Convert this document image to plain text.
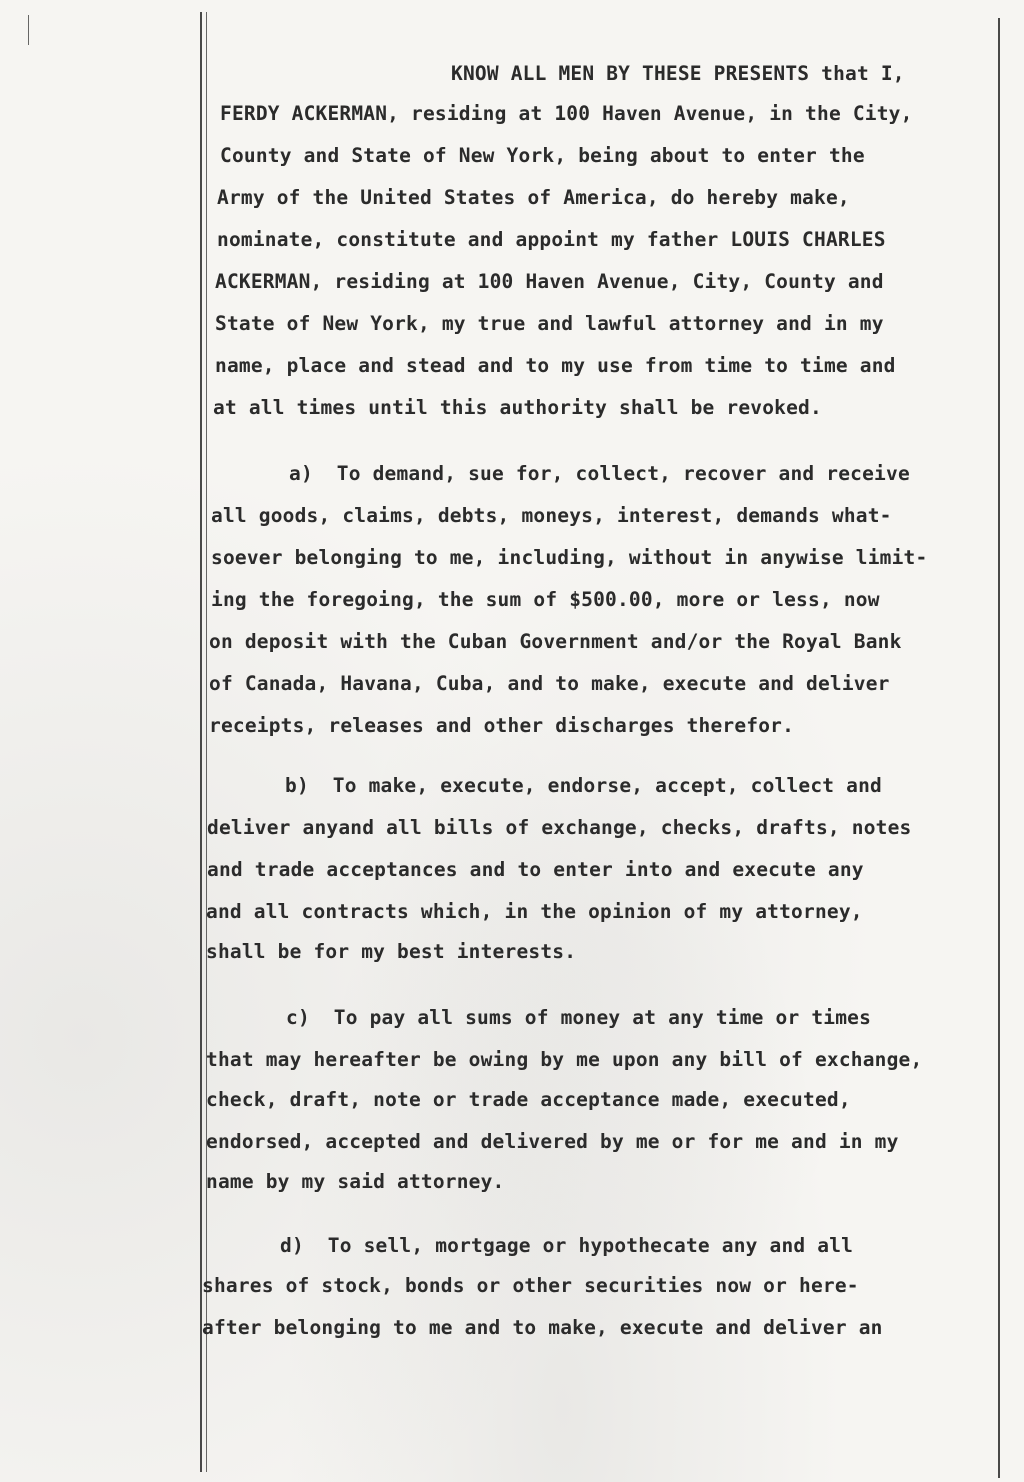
KNOW ALL MEN BY THESE PRESENTS that I,
FERDY ACKERMAN, residing at 100 Haven Avenue, in the City,
County and State of New York, being about to enter the
Army of the United States of America, do hereby make,
nominate, constitute and appoint my father LOUIS CHARLES
ACKERMAN, residing at 100 Haven Avenue, City, County and
State of New York, my true and lawful attorney and in my
name, place and stead and to my use from time to time and
at all times until this authority shall be revoked.
a)  To demand, sue for, collect, recover and receive
all goods, claims, debts, moneys, interest, demands what-
soever belonging to me, including, without in anywise limit-
ing the foregoing, the sum of $500.00, more or less, now
on deposit with the Cuban Government and/or the Royal Bank
of Canada, Havana, Cuba, and to make, execute and deliver
receipts, releases and other discharges therefor.
b)  To make, execute, endorse, accept, collect and
deliver anyand all bills of exchange, checks, drafts, notes
and trade acceptances and to enter into and execute any
and all contracts which, in the opinion of my attorney,
shall be for my best interests.
c)  To pay all sums of money at any time or times
that may hereafter be owing by me upon any bill of exchange,
check, draft, note or trade acceptance made, executed,
endorsed, accepted and delivered by me or for me and in my
name by my said attorney.
d)  To sell, mortgage or hypothecate any and all
shares of stock, bonds or other securities now or here-
after belonging to me and to make, execute and deliver an
